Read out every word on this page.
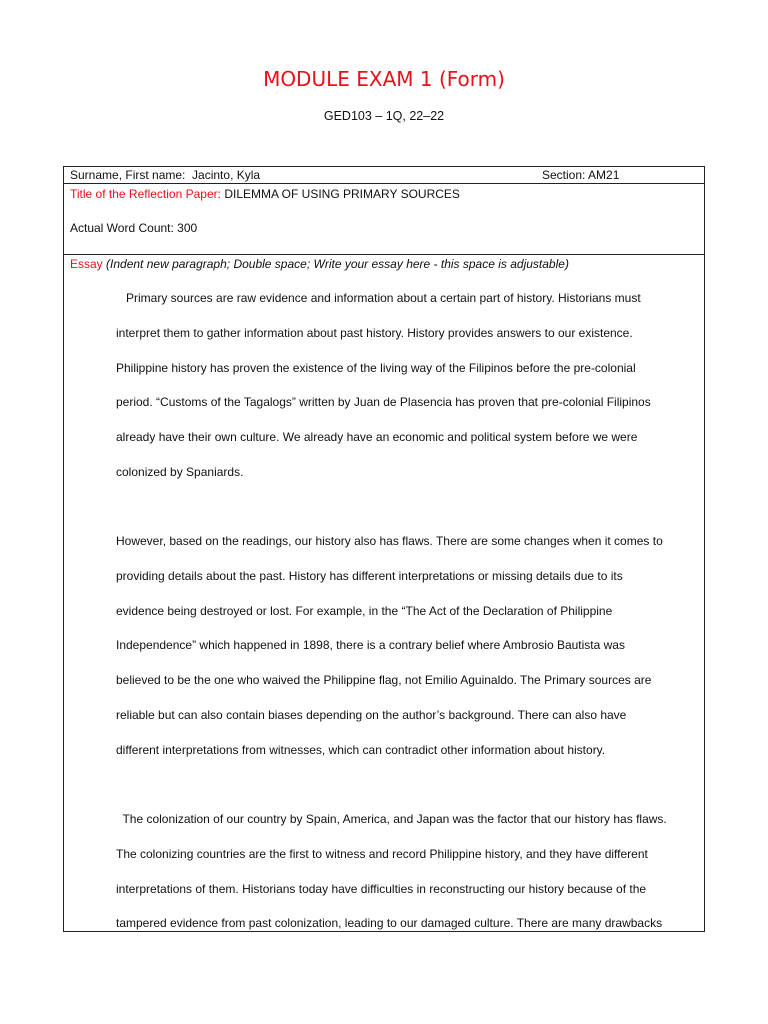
MODULE EXAM 1 (Form)
GED103 – 1Q, 22–22
Surname, First name: Jacinto, Kyla	Section: AM21
Title of the Reflection Paper: DILEMMA OF USING PRIMARY SOURCES
Actual Word Count: 300
Essay (Indent new paragraph; Double space; Write your essay here - this space is adjustable)
Primary sources are raw evidence and information about a certain part of history. Historians must
interpret them to gather information about past history. History provides answers to our existence.
Philippine history has proven the existence of the living way of the Filipinos before the pre-colonial
period. “Customs of the Tagalogs” written by Juan de Plasencia has proven that pre-colonial Filipinos
already have their own culture. We already have an economic and political system before we were
colonized by Spaniards.
However, based on the readings, our history also has flaws. There are some changes when it comes to
providing details about the past. History has different interpretations or missing details due to its
evidence being destroyed or lost. For example, in the “The Act of the Declaration of Philippine
Independence” which happened in 1898, there is a contrary belief where Ambrosio Bautista was
believed to be the one who waived the Philippine flag, not Emilio Aguinaldo. The Primary sources are
reliable but can also contain biases depending on the author’s background. There can also have
different interpretations from witnesses, which can contradict other information about history.
The colonization of our country by Spain, America, and Japan was the factor that our history has flaws.
The colonizing countries are the first to witness and record Philippine history, and they have different
interpretations of them. Historians today have difficulties in reconstructing our history because of the
tampered evidence from past colonization, leading to our damaged culture. There are many drawbacks
